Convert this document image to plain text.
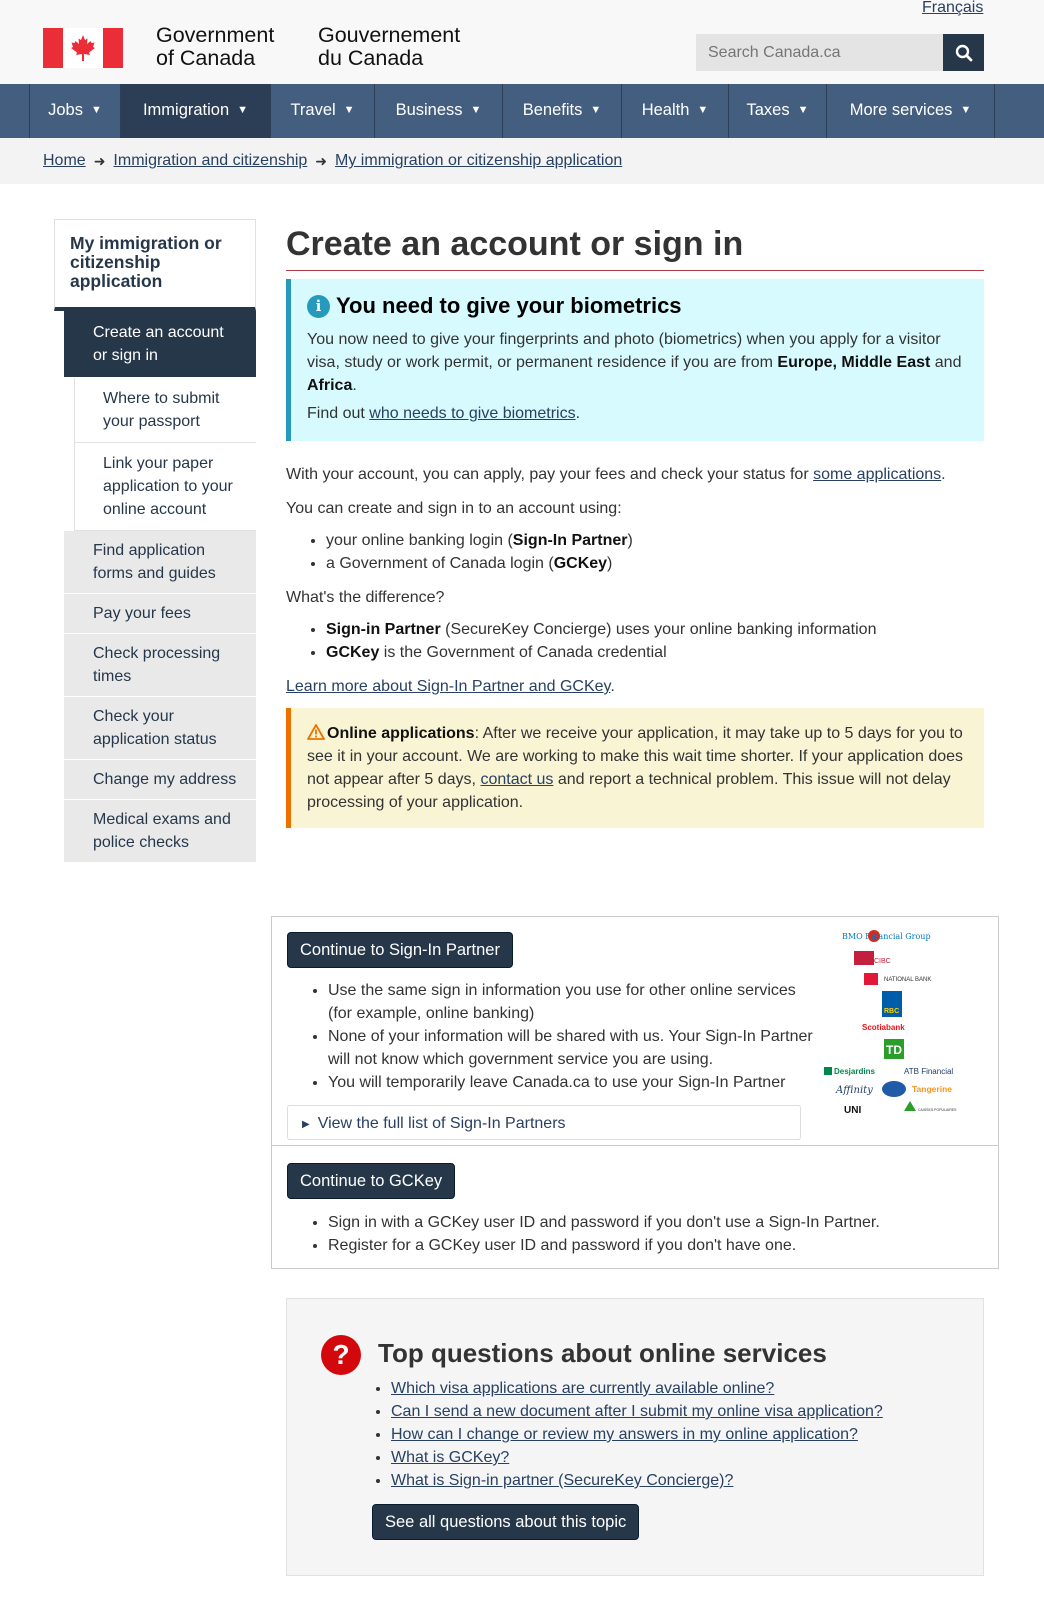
Français
Government
of Canada
Gouvernement
du Canada
Search Canada.ca
Jobs ▼ Immigration ▼	Travel ▼ Business ▼	Benefits ▼ Health ▼ Taxes ▼ More services ▼
Home ➜ Immigration and citizenship ➜ My immigration or citizenship application
My immigration or citizenship application
Create an account or sign in
Where to submit your passport
Link your paper application to your online account
Find application forms and guides
Pay your fees
Check processing times
Check your application status
Change my address
Medical exams and police checks
Create an account or sign in
i You need to give your biometrics

You now need to give your fingerprints and photo (biometrics) when you apply for a visitor visa, study or work permit, or permanent residence if you are from Europe, Middle East and Africa.

Find out who needs to give biometrics.

With your account, you can apply, pay your fees and check your status for some applications.

You can create and sign in to an account using:

• your online banking login (Sign-In Partner)
• a Government of Canada login (GCKey)

What's the difference?

• Sign-in Partner (SecureKey Concierge) uses your online banking information
• GCKey is the Government of Canada credential

Learn more about Sign-In Partner and GCKey.

Online applications: After we receive your application, it may take up to 5 days for you to see it in your account. We are working to make this wait time shorter. If your application does not appear after 5 days, contact us and report a technical problem. This issue will not delay processing of your application.
Continue to Sign-In Partner
• Use the same sign in information you use for other online services (for example, online banking)
• None of your information will be shared with us. Your Sign-In Partner will not know which government service you are using.
• You will temporarily leave Canada.ca to use your Sign-In Partner
▶ View the full list of Sign-In Partners
BMO Financial Group
CIBC
NATIONAL BANK
RBC
Scotiabank
TD
Desjardins	ATB Financial
Affinity	Tangerine
UNI	CAISSES POPULAIRES
Continue to GCKey
• Sign in with a GCKey user ID and password if you don't use a Sign-In Partner.
• Register for a GCKey user ID and password if you don't have one.
?	Top questions about online services
• Which visa applications are currently available online?
• Can I send a new document after I submit my online visa application?
• How can I change or review my answers in my online application?
• What is GCKey?
• What is Sign-in partner (SecureKey Concierge)?
See all questions about this topic
